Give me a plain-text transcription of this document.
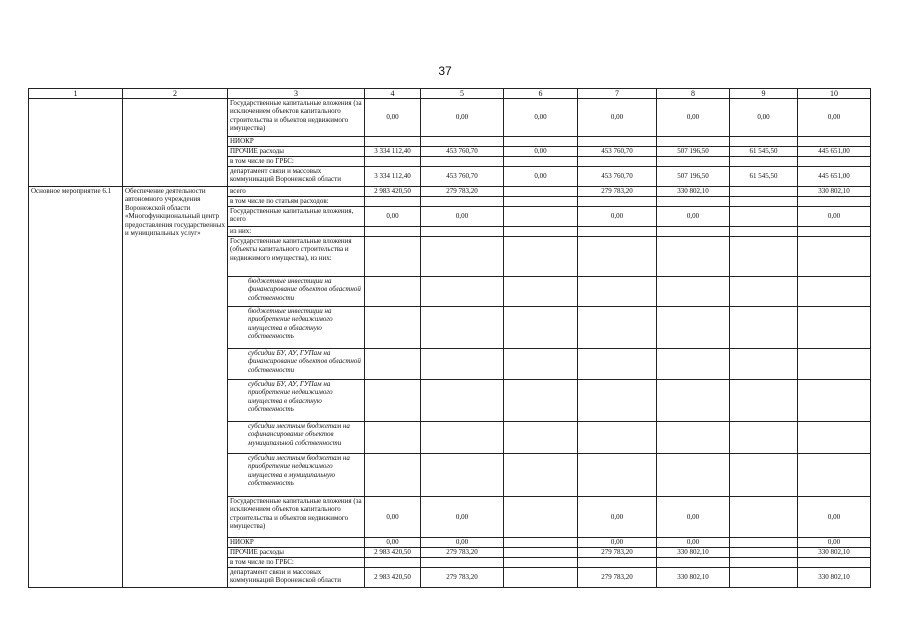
37
1	2	3	4	5	6	7	8	9	10
		Государственные капитальные вложения (за исключением объектов капитального строительства и объектов недвижимого имущества)	0,00	0,00	0,00	0,00	0,00	0,00	0,00
		НИОКР							
		ПРОЧИЕ расходы	3 334 112,40	453 760,70	0,00	453 760,70	507 196,50	61 545,50	445 651,00
		в том числе по ГРБС:							
		департамент связи и массовых коммуникаций Воронежской области	3 334 112,40	453 760,70	0,00	453 760,70	507 196,50	61 545,50	445 651,00
Основное мероприятие 6.1	Обеспечение деятельности автономного учреждения Воронежской области «Многофункциональный центр предоставления государственных и муниципальных услуг»	всего	2 983 420,50	279 783,20		279 783,20	330 802,10		330 802,10
		в том числе по статьям расходов:							
		Государственные капитальные вложения, всего	0,00	0,00		0,00	0,00		0,00
		из них:							
		Государственные капитальные вложения (объекты капитального строительства и недвижимого имущества), из них:							
		бюджетные инвестиции на финансирование объектов областной собственности							
		бюджетные инвестиции на приобретение недвижимого имущества в областную собственность							
		субсидии БУ, АУ, ГУПам на финансирование объектов областной собственности							
		субсидии БУ, АУ, ГУПам на приобретение недвижимого имущества в областную собственность							
		субсидии местным бюджетам на софинансирование объектов муниципальной собственности							
		субсидии местным бюджетам на приобретение недвижимого имущества в муниципальную собственность							
		Государственные капитальные вложения (за исключением объектов капитального строительства и объектов недвижимого имущества)	0,00	0,00		0,00	0,00		0,00
		НИОКР	0,00	0,00		0,00	0,00		0,00
		ПРОЧИЕ расходы	2 983 420,50	279 783,20		279 783,20	330 802,10		330 802,10
		в том числе по ГРБС:							
		департамент связи и массовых коммуникаций Воронежской области	2 983 420,50	279 783,20		279 783,20	330 802,10		330 802,10
